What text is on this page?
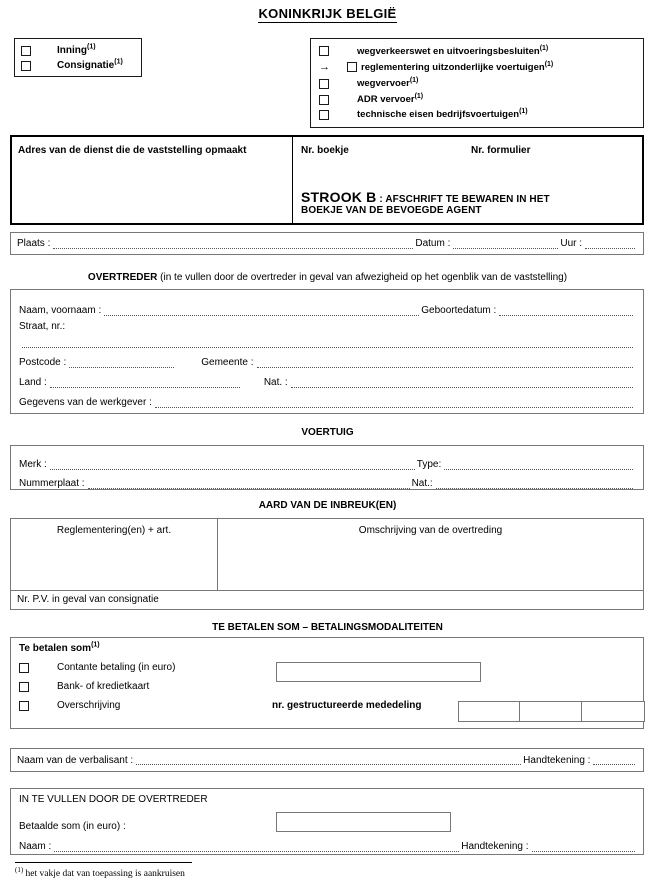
KONINKRIJK BELGIË
Inning$^{(1)}$
Consignatie$^{(1)}$
wegverkeerswet en uitvoeringsbesluiten$^{(1)}$
→	reglementering uitzonderlijke voertuigen$^{(1)}$
wegvervoer$^{(1)}$
ADR vervoer$^{(1)}$
technische eisen bedrijfsvoertuigen$^{(1)}$
Adres van de dienst die de vaststelling opmaakt	Nr. boekje	Nr. formulier
STROOK B : AFSCHRIFT TE BEWAREN IN HET
BOEKJE VAN DE BEVOEGDE AGENT
Plaats :	Datum :	Uur :
OVERTREDER (in te vullen door de overtreder in geval van afwezigheid op het ogenblik van de vaststelling)
Naam, voornaam :	Geboortedatum :
Straat, nr.:
Postcode :	Gemeente :
Land :	Nat. :
Gegevens van de werkgever :
VOERTUIG
Merk :	Type:
Nummerplaat :	Nat.:
AARD VAN DE INBREUK(EN)
Reglementering(en) + art.	Omschrijving van de overtreding
Nr. P.V. in geval van consignatie
TE BETALEN SOM – BETALINGSMODALITEITEN
Te betalen som$^{(1)}$
Contante betaling (in euro)
Bank- of kredietkaart
Overschrijving	nr. gestructureerde mededeling
Naam van de verbalisant :	Handtekening :
IN TE VULLEN DOOR DE OVERTREDER
Betaalde som (in euro) :
Naam :	Handtekening :
$^{(1)}$ het vakje dat van toepassing is aankruisen
